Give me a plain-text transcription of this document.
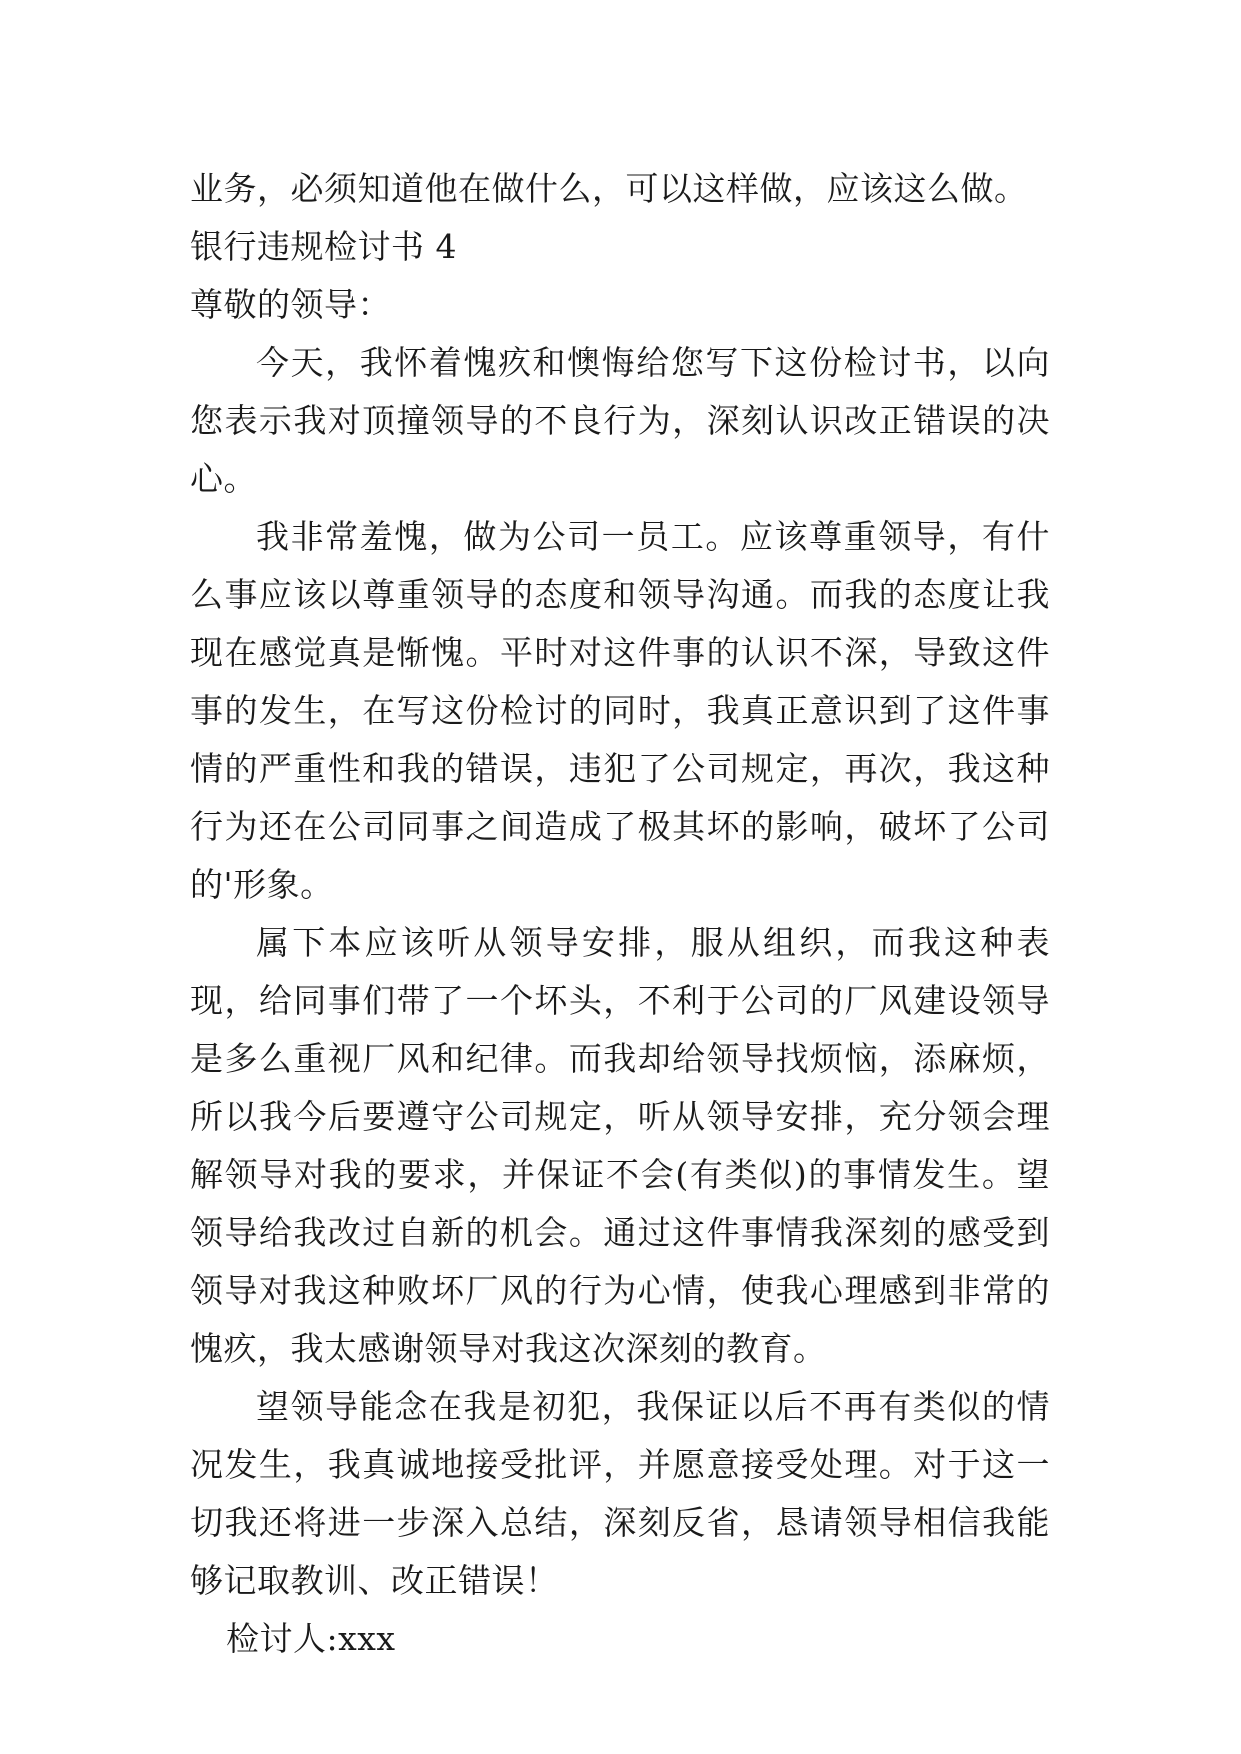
业务，必须知道他在做什么，可以这样做，应该这么做。

银行违规检讨书 4

尊敬的领导：

今天，我怀着愧疚和懊悔给您写下这份检讨书，以向您表示我对顶撞领导的不良行为，深刻认识改正错误的决心。

我非常羞愧，做为公司一员工。应该尊重领导，有什么事应该以尊重领导的态度和领导沟通。而我的态度让我现在感觉真是惭愧。平时对这件事的认识不深，导致这件事的发生，在写这份检讨的同时，我真正意识到了这件事情的严重性和我的错误，违犯了公司规定，再次，我这种行为还在公司同事之间造成了极其坏的影响，破坏了公司的'形象。

属下本应该听从领导安排，服从组织，而我这种表现，给同事们带了一个坏头，不利于公司的厂风建设领导是多么重视厂风和纪律。而我却给领导找烦恼，添麻烦，所以我今后要遵守公司规定，听从领导安排，充分领会理解领导对我的要求，并保证不会(有类似)的事情发生。望领导给我改过自新的机会。通过这件事情我深刻的感受到领导对我这种败坏厂风的行为心情，使我心理感到非常的愧疚，我太感谢领导对我这次深刻的教育。

望领导能念在我是初犯，我保证以后不再有类似的情况发生，我真诚地接受批评，并愿意接受处理。对于这一切我还将进一步深入总结，深刻反省，恳请领导相信我能够记取教训、改正错误！

检讨人:xxx
